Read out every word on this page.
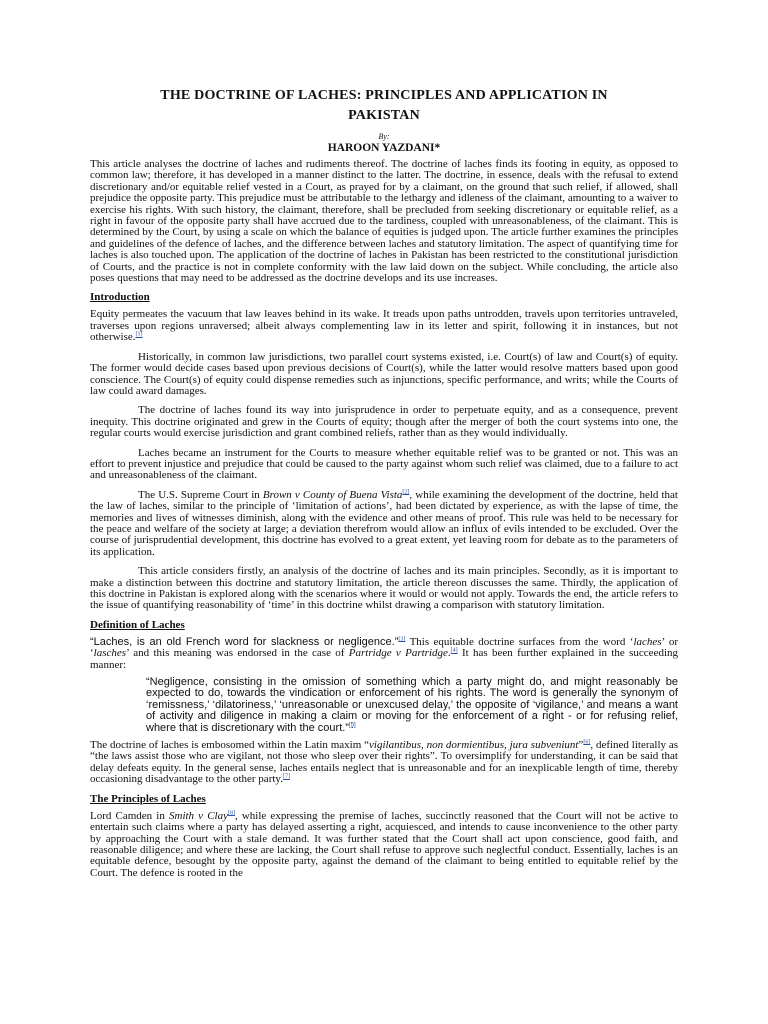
THE DOCTRINE OF LACHES: PRINCIPLES AND APPLICATION IN PAKISTAN
By:
HAROON YAZDANI*

This article analyses the doctrine of laches and rudiments thereof. The doctrine of laches finds its footing in equity, as opposed to common law; therefore, it has developed in a manner distinct to the latter. The doctrine, in essence, deals with the refusal to extend discretionary and/or equitable relief vested in a Court, as prayed for by a claimant, on the ground that such relief, if allowed, shall prejudice the opposite party. This prejudice must be attributable to the lethargy and idleness of the claimant, amounting to a waiver to exercise his rights. With such history, the claimant, therefore, shall be precluded from seeking discretionary or equitable relief, as a right in favour of the opposite party shall have accrued due to the tardiness, coupled with unreasonableness, of the claimant. This is determined by the Court, by using a scale on which the balance of equities is judged upon. The article further examines the principles and guidelines of the defence of laches, and the difference between laches and statutory limitation. The aspect of quantifying time for laches is also touched upon. The application of the doctrine of laches in Pakistan has been restricted to the constitutional jurisdiction of Courts, and the practice is not in complete conformity with the law laid down on the subject. While concluding, the article also poses questions that may need to be addressed as the doctrine develops and its use increases.

Introduction

Equity permeates the vacuum that law leaves behind in its wake. It treads upon paths untrodden, travels upon territories untraveled, traverses upon regions unraversed; albeit always complementing law in its letter and spirit, following it in instances, but not otherwise.[1]

Historically, in common law jurisdictions, two parallel court systems existed, i.e. Court(s) of law and Court(s) of equity. The former would decide cases based upon previous decisions of Court(s), while the latter would resolve matters based upon good conscience. The Court(s) of equity could dispense remedies such as injunctions, specific performance, and writs; while the Courts of law could award damages.

The doctrine of laches found its way into jurisprudence in order to perpetuate equity, and as a consequence, prevent inequity. This doctrine originated and grew in the Courts of equity; though after the merger of both the court systems into one, the regular courts would exercise jurisdiction and grant combined reliefs, rather than as they would individually.

Laches became an instrument for the Courts to measure whether equitable relief was to be granted or not. This was an effort to prevent injustice and prejudice that could be caused to the party against whom such relief was claimed, due to a failure to act and unreasonableness of the claimant.

The U.S. Supreme Court in Brown v County of Buena Vista[2], while examining the development of the doctrine, held that the law of laches, similar to the principle of ‘limitation of actions’, had been dictated by experience, as with the lapse of time, the memories and lives of witnesses diminish, along with the evidence and other means of proof. This rule was held to be necessary for the peace and welfare of the society at large; a deviation therefrom would allow an influx of evils intended to be excluded. Over the course of jurisprudential development, this doctrine has evolved to a great extent, yet leaving room for debate as to the parameters of its application.

This article considers firstly, an analysis of the doctrine of laches and its main principles. Secondly, as it is important to make a distinction between this doctrine and statutory limitation, the article thereon discusses the same. Thirdly, the application of this doctrine in Pakistan is explored along with the scenarios where it would or would not apply. Towards the end, the article refers to the issue of quantifying reasonability of ‘time’ in this doctrine whilst drawing a comparison with statutory limitation.

Definition of Laches

“Laches, is an old French word for slackness or negligence.”[3] This equitable doctrine surfaces from the word ‘laches’ or ‘lasches’ and this meaning was endorsed in the case of Partridge v Partridge.[4] It has been further explained in the succeeding manner:

“Negligence, consisting in the omission of something which a party might do, and might reasonably be expected to do, towards the vindication or enforcement of his rights. The word is generally the synonym of ‘remissness,’ ‘dilatoriness,’ ‘unreasonable or unexcused delay,’ the opposite of ‘vigilance,’ and means a want of activity and diligence in making a claim or moving for the enforcement of a right - or for refusing relief, where that is discretionary with the court.”[5]

The doctrine of laches is embosomed within the Latin maxim “vigilantibus, non dormientibus, jura subveniunt”[6], defined literally as “the laws assist those who are vigilant, not those who sleep over their rights”. To oversimplify for understanding, it can be said that delay defeats equity. In the general sense, laches entails neglect that is unreasonable and for an inexplicable length of time, thereby occasioning disadvantage to the other party.[7]

The Principles of Laches

Lord Camden in Smith v Clay[8], while expressing the premise of laches, succinctly reasoned that the Court will not be active to entertain such claims where a party has delayed asserting a right, acquiesced, and intends to cause inconvenience to the other party by approaching the Court with a stale demand. It was further stated that the Court shall act upon conscience, good faith, and reasonable diligence; and where these are lacking, the Court shall refuse to approve such neglectful conduct. Essentially, laches is an equitable defence, besought by the opposite party, against the demand of the claimant to being entitled to equitable relief by the Court. The defence is rooted in the
